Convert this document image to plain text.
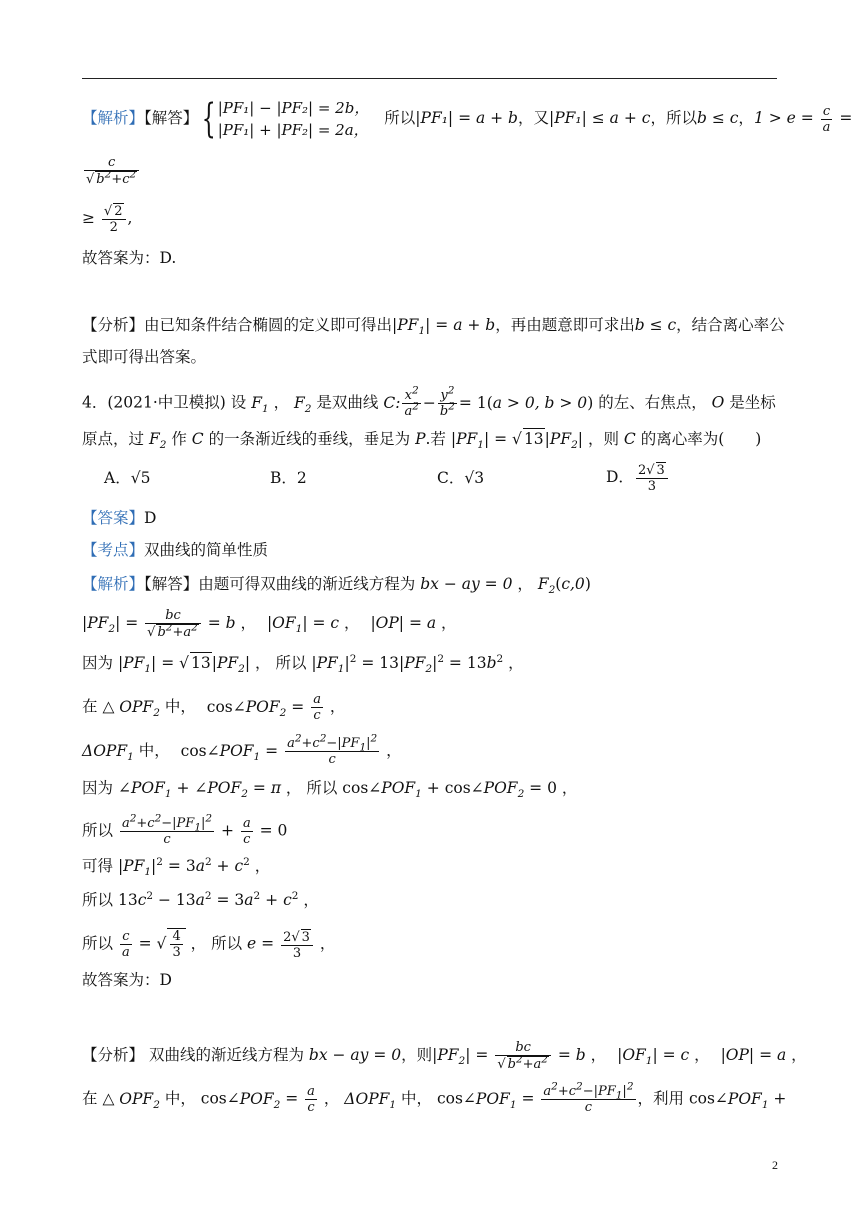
【解析】【解答】{ |PF₁| − |PF₂| = 2b，
|PF₁| + |PF₂| = 2a，
所以|PF₁| = a + b，又|PF₁| ≤ a + c，所以b ≤ c，$1 > e = \frac{c}{a}$ =
$\frac{c}{√ b^2+c^2}$
≥ $\frac{√ 2}{2}$ ,
故答案为：D.
【分析】由已知条件结合椭圆的定义即可得出$|PF_1| = a + b$，再由题意即可求出b ≤ c，结合离心率公
式即可得出答案。
4．(2021·中卫模拟) 设 $F_1$ ， $F_2$ 是双曲线 C: $\frac{x^2}{a^2} - \frac{y^2}{b^2} = 1(a > 0$, b > 0) 的左、右焦点， O 是坐标
原点，过 $F_2$ 作 C 的一条渐近线的垂线，垂足为 P.若 $|PF_1|$ = √ $13|PF_2|$ ，则 C 的离心率为(　　)
A．√5	B．2	C．√3	D． $\frac{2√ 3}{3}$
【答案】D
【考点】双曲线的简单性质
【解析】【解答】由题可得双曲线的渐近线方程为 bx − ay = 0 ， $F_2(c,0)$
$|PF_2| = \frac{bc}{√ b^2+a^2} = b$ ， $|OF_1| = c$ ， |OP| = a ，
因为 $|PF_1|$ = √ $13|PF_2|$ ， 所以 $|PF_1|^2 = 13|PF_2|^2 = 13b^2$ ，
在 △ $OPF_2$ 中， $\cos\angle POF_2 = \frac{a}{c}$ ，
$\Delta OPF_1$ 中， $\cos\angle POF_1 = \frac{a^2+c^2-|PF_1|^2}{c}$ ，
因为 $\angle POF_1$ + $\angle POF_2 = \pi$ ， 所以 $\cos\angle POF_1$ + $\cos\angle POF_2 = 0$ ，
所以 $\frac{a^2+c^2-|PF_1|^2}{c} + \frac{a}{c} = 0$
可得 $|PF_1|^2 = 3a^2 + c^2$ ，
所以 $13c^2 - 13a^2 = 3a^2 + c^2$ ，
所以 $\frac{c}{a}$ = √ $\frac{4}{3}$ ， 所以 $e = \frac{2√ 3}{3}$ ，
故答案为：D
【分析】 双曲线的渐近线方程为 bx − ay = 0，则$|PF_2| = \frac{bc}{√ b^2+a^2} = b$ ， $|OF_1| = c$ ， |OP| = a ，
在 △ $OPF_2$ 中， $\cos\angle POF_2 = \frac{a}{c}$ ， $\Delta OPF_1$ 中， $\cos\angle POF_1 = \frac{a^2+c^2-|PF_1|^2}{c}$ ，利用 $\cos\angle POF_1$ +
2
